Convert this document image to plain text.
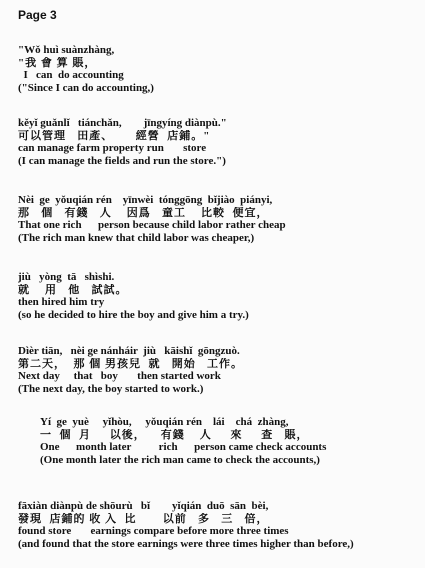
Page 3
"Wǒ huì suànzhàng,
"我 會 算 賬，
I   can  do accounting
("Since I can do accounting,)
kěyǐ guǎnlǐ   tiánchǎn,        jīngyíng diànpù."
可以管理   田產、      經營  店鋪。"
can manage farm property run       store
(I can manage the fields and run the store.")
Nèi  ge  yǒuqián rén    yīnwèi  tónggōng  bǐjiào  piányi,
那   個   有錢   人    因爲   童工    比較  便宜，
That one rich      person because child labor rather cheap
(The rich man knew that child labor was cheaper,)
jiù   yòng  tā   shìshi.
就    用   他   試試。
then hired him try
(so he decided to hire the boy and give him a try.)
Dìèr tiān,   nèi ge nánháir  jiù   kāishǐ  gōngzuò.
第二天，  那 個 男孩兒  就   開始   工作。
Next day     that   boy       then started work
(The next day, the boy started to work.)
Yí  ge  yuè     yǐhòu,     yǒuqián rén    lái    chá  zhàng,
一  個  月     以後，    有錢    人     來     查   賬，
One      month later          rich      person came check accounts
(One month later the rich man came to check the accounts,)
fāxiàn diànpù de shōurù   bǐ        yǐqián  duō  sān  bèi,
發現  店鋪的 收 入  比       以前   多   三   倍，
found store       earnings compare before more three times
(and found that the store earnings were three times higher than before,)
